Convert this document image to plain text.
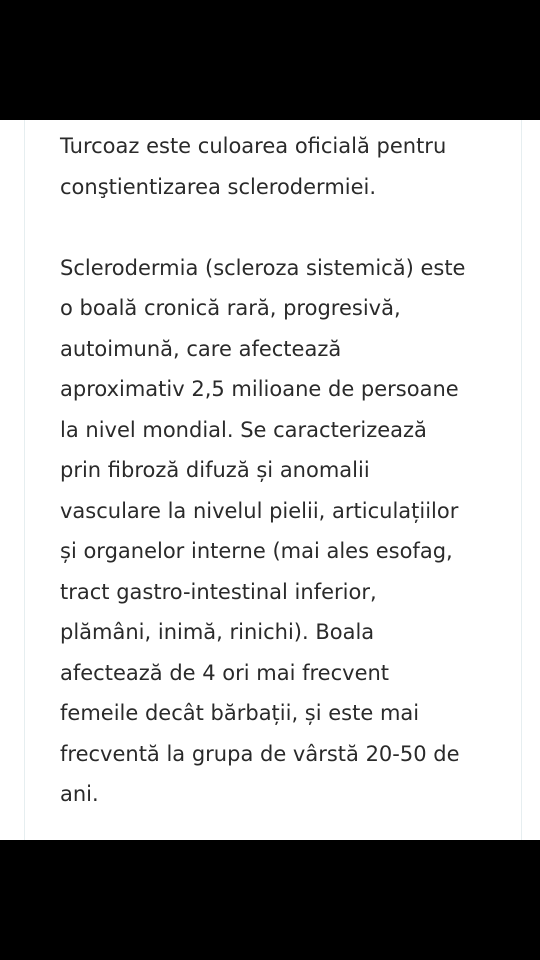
Turcoaz este culoarea oficială pentru
conştientizarea sclerodermiei.
Sclerodermia (scleroza sistemică) este
o boală cronică rară, progresivă,
autoimună, care afectează
aproximativ 2,5 milioane de persoane
la nivel mondial. Se caracterizează
prin fibroză difuză și anomalii
vasculare la nivelul pielii, articulațiilor
și organelor interne (mai ales esofag,
tract gastro-intestinal inferior,
plămâni, inimă, rinichi). Boala
afectează de 4 ori mai frecvent
femeile decât bărbații, și este mai
frecventă la grupa de vârstă 20-50 de
ani.
